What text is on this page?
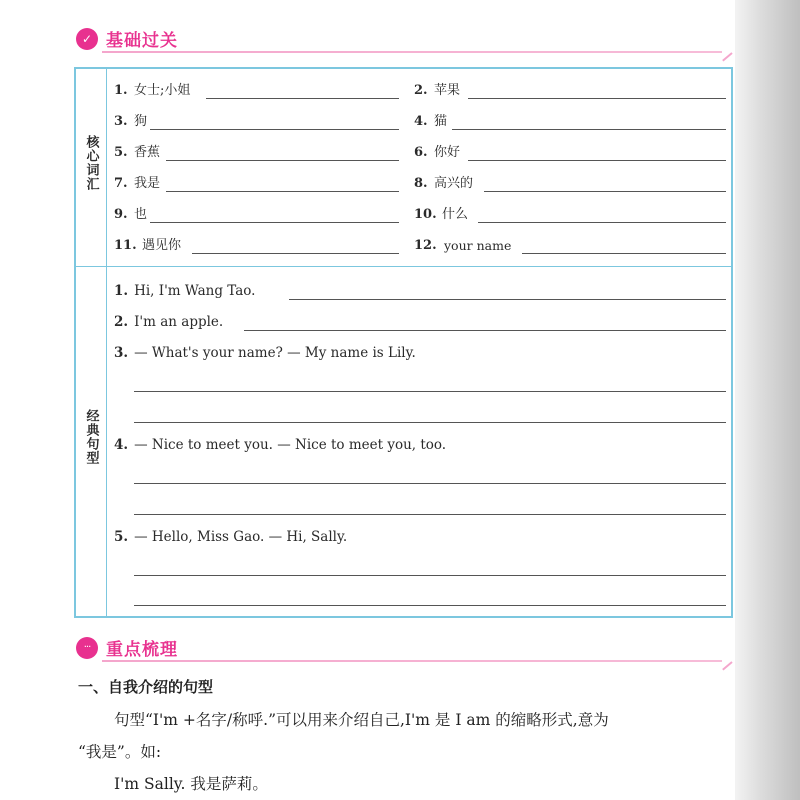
✓ 基础过关
核心词汇
经典句型
1. 女士;小姐	2. 苹果
3. 狗	4. 猫
5. 香蕉	6. 你好
7. 我是	8. 高兴的
9. 也	10. 什么
11. 遇见你	12. your name
1. Hi, I'm Wang Tao.
2. I'm an apple.
3. — What's your name? — My name is Lily.
4. — Nice to meet you. — Nice to meet you, too.
5. — Hello, Miss Gao. — Hi, Sally.
··· 重点梳理
一、自我介绍的句型
句型“I'm +名字/称呼.”可以用来介绍自己,I'm 是 I am 的缩略形式,意为
“我是”。如:
I'm Sally. 我是萨莉。
